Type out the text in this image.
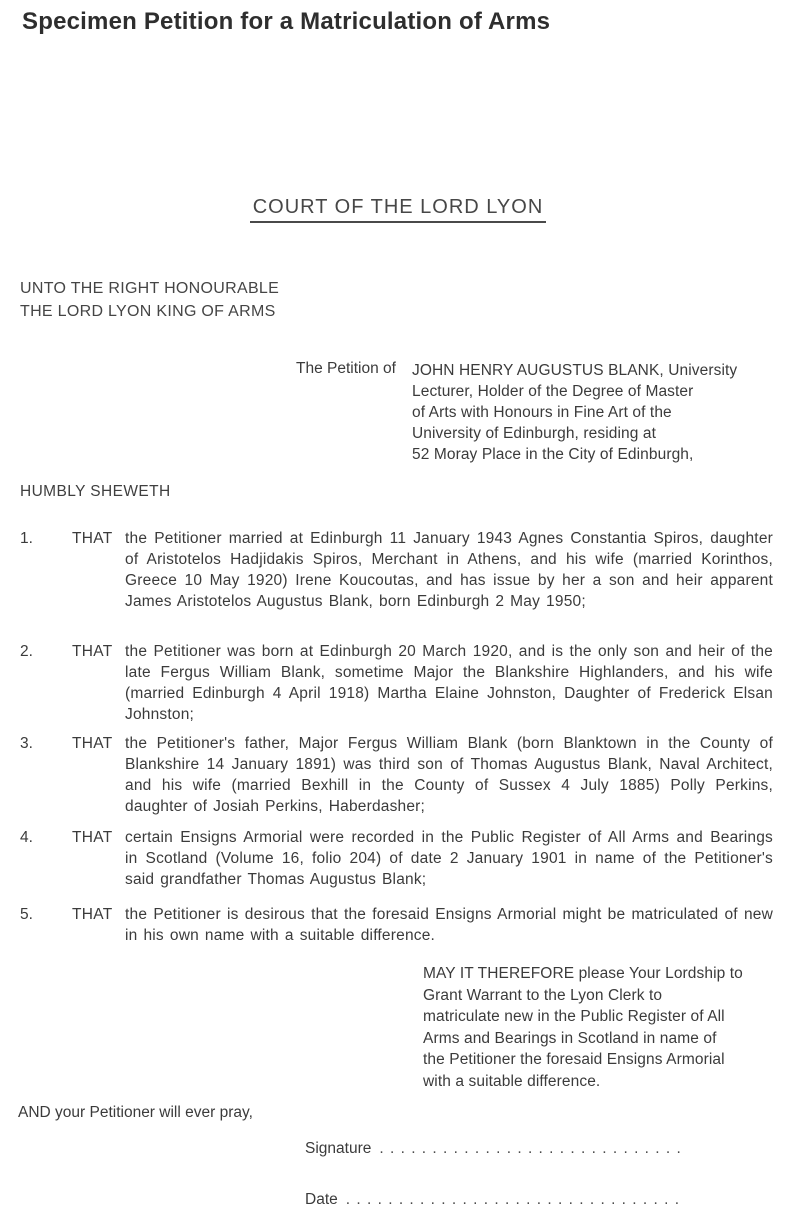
Specimen Petition for a Matriculation of Arms
COURT OF THE LORD LYON
UNTO THE RIGHT HONOURABLE
THE LORD LYON KING OF ARMS
The Petition of JOHN HENRY AUGUSTUS BLANK, University
Lecturer, Holder of the Degree of Master
of Arts with Honours in Fine Art of the
University of Edinburgh, residing at
52 Moray Place in the City of Edinburgh,
HUMBLY SHEWETH
1.	THAT the Petitioner married at Edinburgh 11 January 1943 Agnes Constantia Spiros, daughter of Aristotelos Hadjidakis Spiros, Merchant in Athens, and his wife (married Korinthos, Greece 10 May 1920) Irene Koucoutas, and has issue by her a son and heir apparent James Aristotelos Augustus Blank, born Edinburgh 2 May 1950;
2.	THAT the Petitioner was born at Edinburgh 20 March 1920, and is the only son and heir of the late Fergus William Blank, sometime Major the Blankshire Highlanders, and his wife (married Edinburgh 4 April 1918) Martha Elaine Johnston, Daughter of Frederick Elsan Johnston;
3.	THAT the Petitioner's father, Major Fergus William Blank (born Blanktown in the County of Blankshire 14 January 1891) was third son of Thomas Augustus Blank, Naval Architect, and his wife (married Bexhill in the County of Sussex 4 July 1885) Polly Perkins, daughter of Josiah Perkins, Haberdasher;
4.	THAT certain Ensigns Armorial were recorded in the Public Register of All Arms and Bearings in Scotland (Volume 16, folio 204) of date 2 January 1901 in name of the Petitioner's said grandfather Thomas Augustus Blank;
5.	THAT the Petitioner is desirous that the foresaid Ensigns Armorial might be matriculated of new in his own name with a suitable difference.
MAY IT THEREFORE please Your Lordship to
Grant Warrant to the Lyon Clerk to
matriculate new in the Public Register of All
Arms and Bearings in Scotland in name of
the Petitioner the foresaid Ensigns Armorial
with a suitable difference.
AND your Petitioner will ever pray,
Signature . . . . . . . . . . . . . . . . . . . . . . . . . . . . .
Date . . . . . . . . . . . . . . . . . . . . . . . . . . . . . . . .
